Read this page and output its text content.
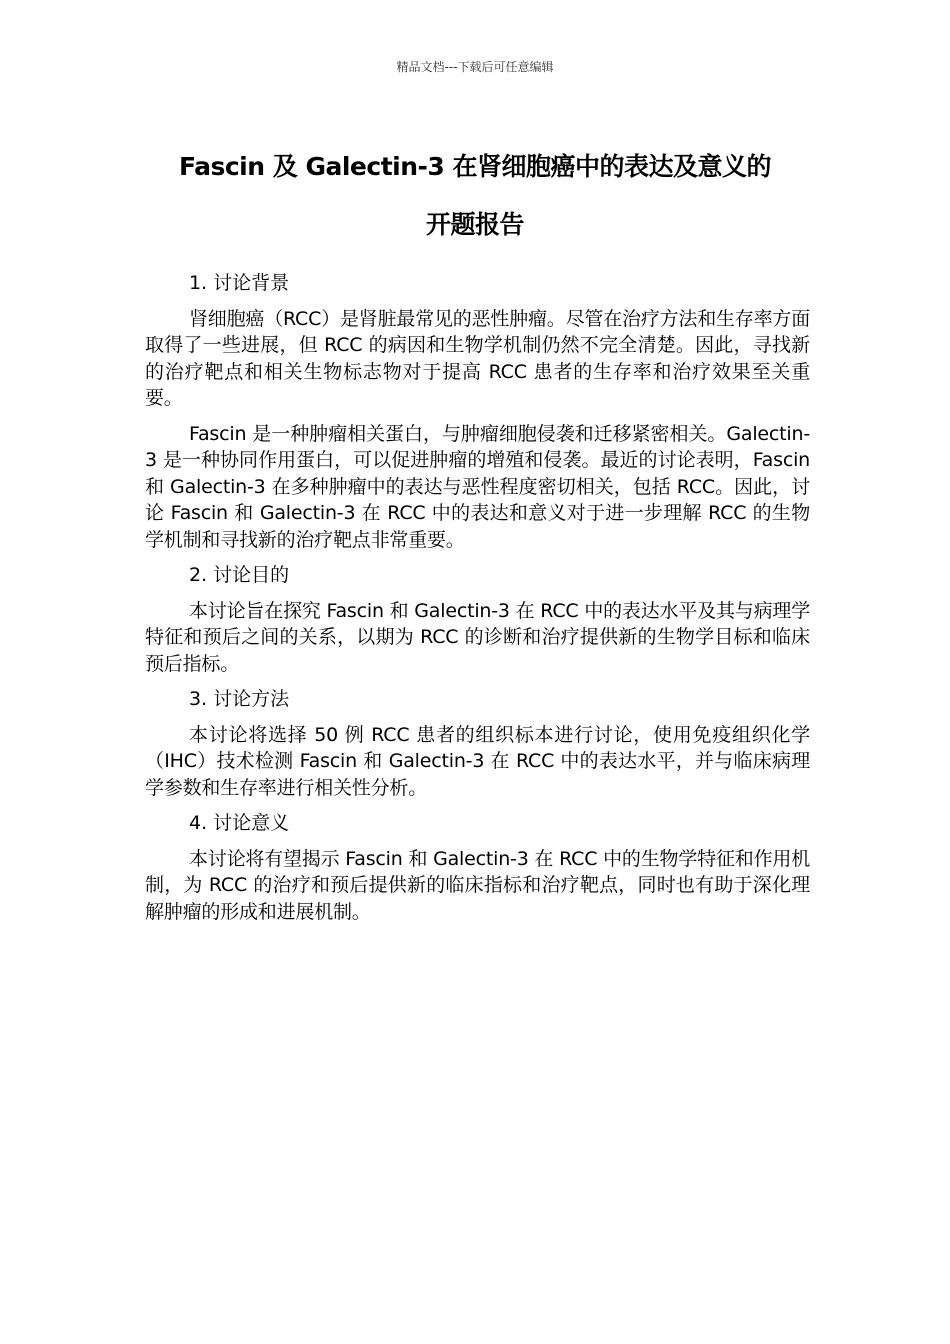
精品文档---下载后可任意编辑
Fascin 及 Galectin-3 在肾细胞癌中的表达及意义的
开题报告

1. 讨论背景

肾细胞癌（RCC）是肾脏最常见的恶性肿瘤。尽管在治疗方法和生存率方面取得了一些进展，但 RCC 的病因和生物学机制仍然不完全清楚。因此，寻找新的治疗靶点和相关生物标志物对于提高 RCC 患者的生存率和治疗效果至关重要。

Fascin 是一种肿瘤相关蛋白，与肿瘤细胞侵袭和迁移紧密相关。Galectin-3 是一种协同作用蛋白，可以促进肿瘤的增殖和侵袭。最近的讨论表明，Fascin 和 Galectin-3 在多种肿瘤中的表达与恶性程度密切相关，包括 RCC。因此，讨论 Fascin 和 Galectin-3 在 RCC 中的表达和意义对于进一步理解 RCC 的生物学机制和寻找新的治疗靶点非常重要。

2. 讨论目的

本讨论旨在探究 Fascin 和 Galectin-3 在 RCC 中的表达水平及其与病理学特征和预后之间的关系，以期为 RCC 的诊断和治疗提供新的生物学目标和临床预后指标。

3. 讨论方法

本讨论将选择 50 例 RCC 患者的组织标本进行讨论，使用免疫组织化学（IHC）技术检测 Fascin 和 Galectin-3 在 RCC 中的表达水平，并与临床病理学参数和生存率进行相关性分析。

4. 讨论意义

本讨论将有望揭示 Fascin 和 Galectin-3 在 RCC 中的生物学特征和作用机制，为 RCC 的治疗和预后提供新的临床指标和治疗靶点，同时也有助于深化理解肿瘤的形成和进展机制。
